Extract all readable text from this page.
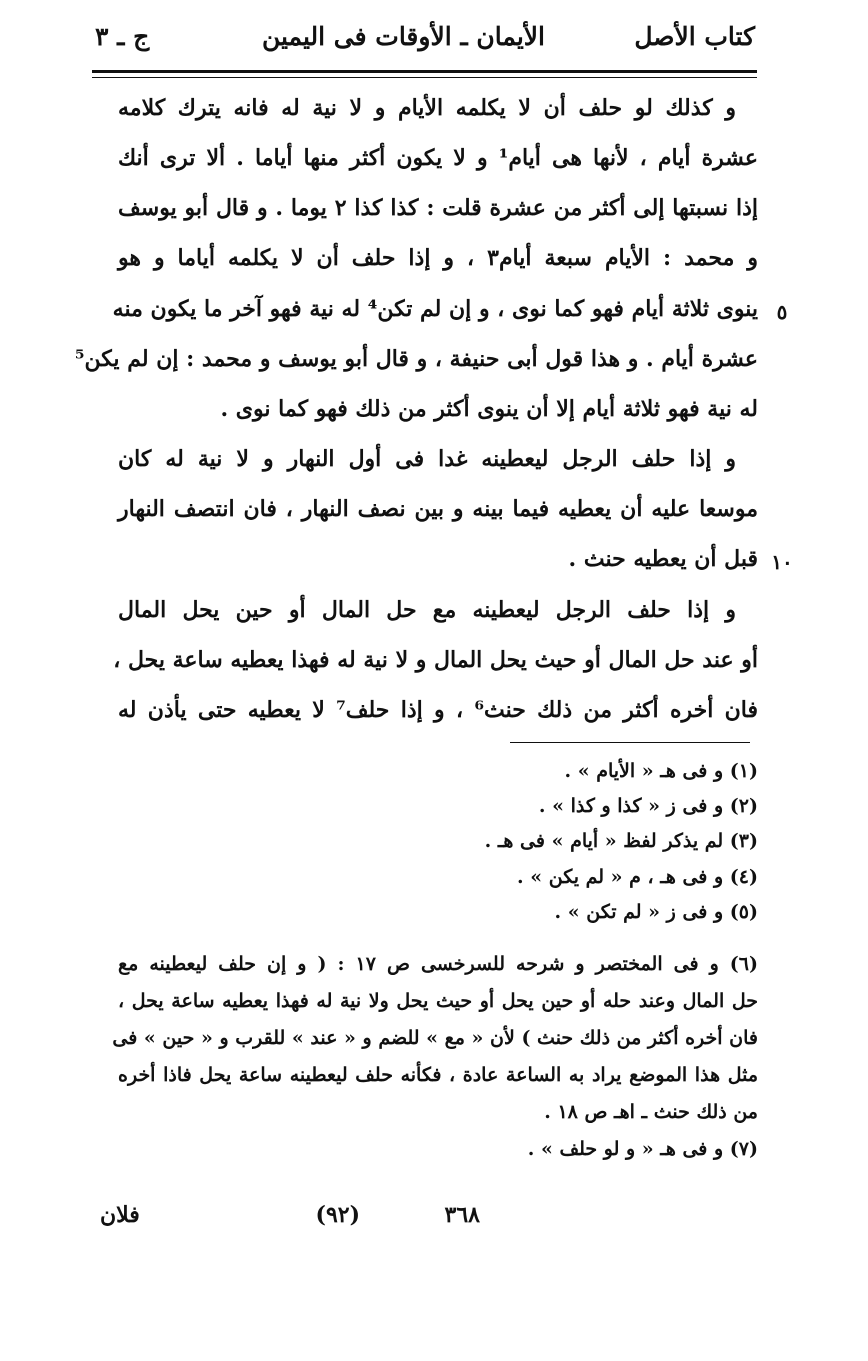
كتاب الأصل
الأيمان ـ الأوقات فى اليمين
ج ـ ٣
و كذلك لو حلف أن لا يكلمه الأيام و لا نية له فانه يترك كلامه
عشرة أيام ، لأنها هى أيام¹ و لا يكون أكثر منها أياما . ألا ترى أنك
إذا نسبتها إلى أكثر من عشرة قلت : كذا كذا ٢ يوما . و قال أبو يوسف
و محمد : الأيام سبعة أيام٣ ، و إذا حلف أن لا يكلمه أياما و هو
ينوى ثلاثة أيام فهو كما نوى ، و إن لم تكن⁴ له نية فهو آخر ما يكون منه
عشرة أيام . و هذا قول أبى حنيفة ، و قال أبو يوسف و محمد : إن لم يكن⁵
له نية فهو ثلاثة أيام إلا أن ينوى أكثر من ذلك فهو كما نوى .
و إذا حلف الرجل ليعطينه غدا فى أول النهار و لا نية له كان
موسعا عليه أن يعطيه فيما بينه و بين نصف النهار ، فان انتصف النهار
قبل أن يعطيه حنث .
و إذا حلف الرجل ليعطينه مع حل المال أو حين يحل المال
أو عند حل المال أو حيث يحل المال و لا نية له فهذا يعطيه ساعة يحل ،
فان أخره أكثر من ذلك حنث⁶ ، و إذا حلف⁷ لا يعطيه حتى يأذن له
٥
١٠
(١) و فى هـ « الأيام » .
(٢) و فى ز « كذا و كذا » .
(٣) لم يذكر لفظ « أيام » فى هـ .
(٤) و فى هـ ، م « لم يكن » .
(٥) و فى ز « لم تكن » .
(٦) و فى المختصر و شرحه للسرخسى ص ١٧ : ( و إن حلف ليعطينه مع
حل المال وعند حله أو حين يحل أو حيث يحل ولا نية له فهذا يعطيه ساعة يحل ،
فان أخره أكثر من ذلك حنث ) لأن « مع » للضم و « عند » للقرب و « حين » فى
مثل هذا الموضع يراد به الساعة عادة ، فكأنه حلف ليعطينه ساعة يحل فاذا أخره
من ذلك حنث ـ اهـ ص ١٨ .
(٧) و فى هـ « و لو حلف » .
٣٦٨
(٩٢)
فلان
